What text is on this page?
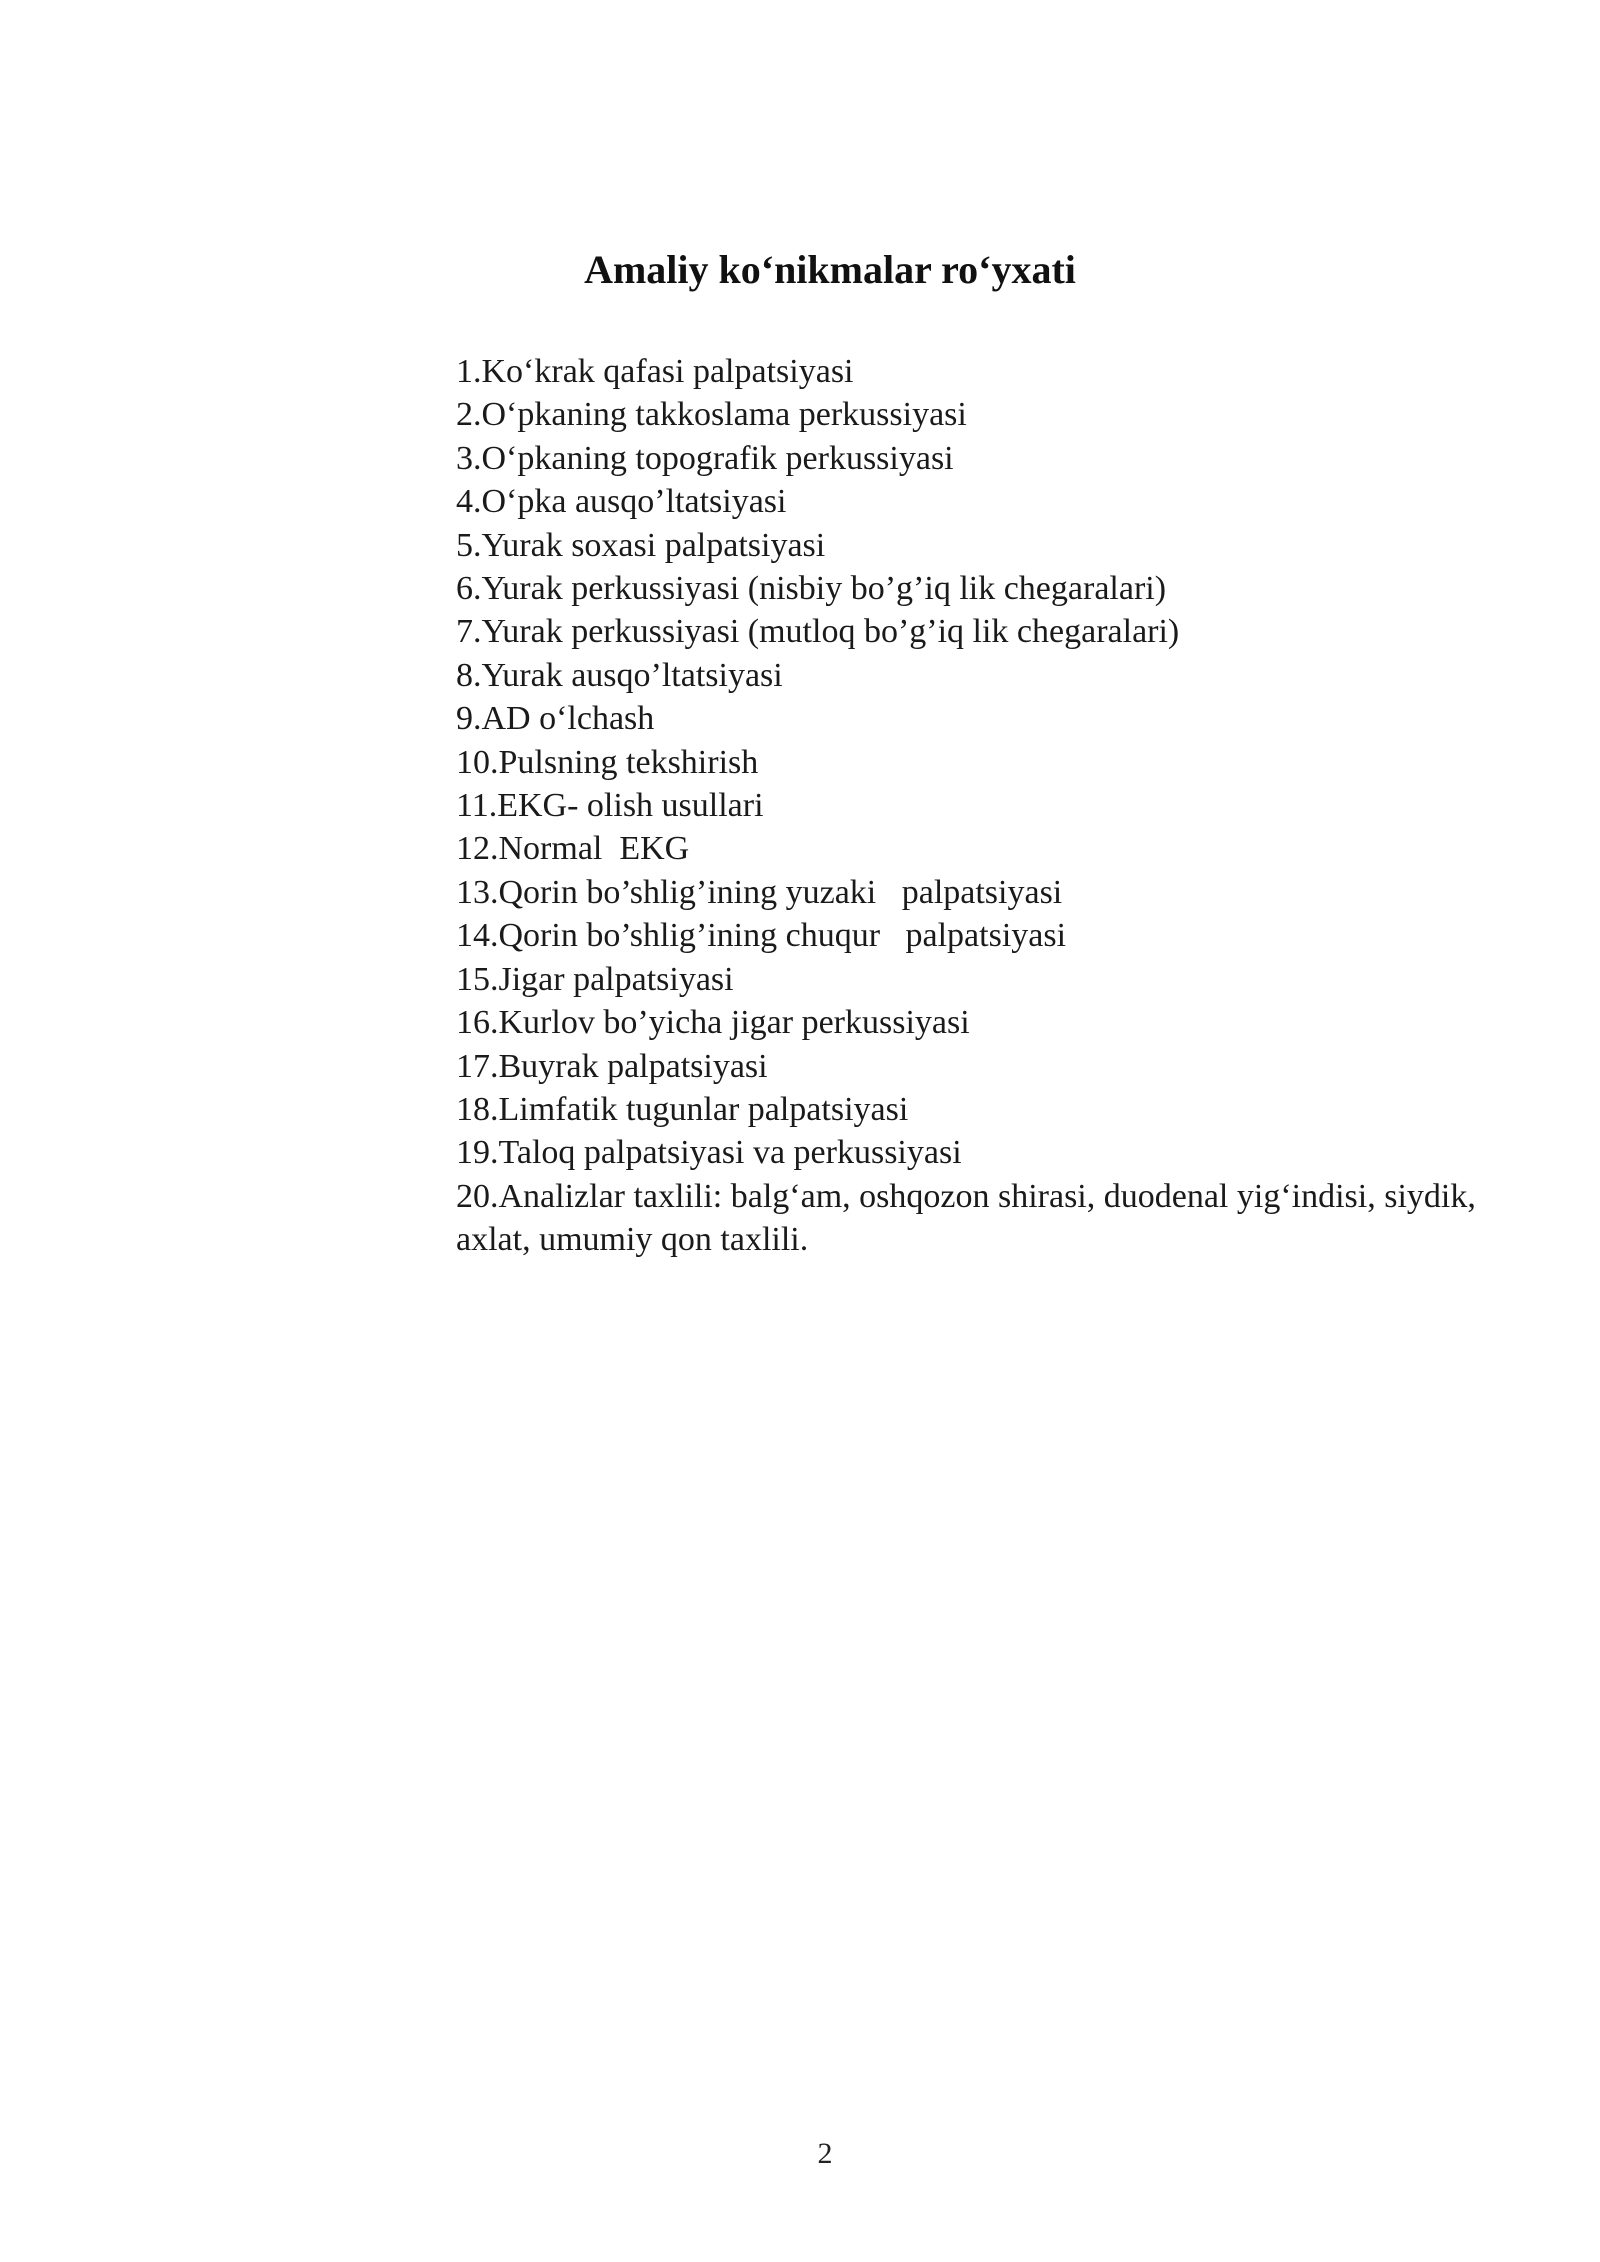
Amaliy ko‘nikmalar ro‘yxati
1.Ko‘krak qafasi palpatsiyasi
2.O‘pkaning takkoslama perkussiyasi
3.O‘pkaning topografik perkussiyasi
4.O‘pka ausqo’ltatsiyasi
5.Yurak soxasi palpatsiyasi
6.Yurak perkussiyasi (nisbiy bo’g’iq lik chegaralari)
7.Yurak perkussiyasi (mutloq bo’g’iq lik chegaralari)
8.Yurak ausqo’ltatsiyasi
9.AD o‘lchash
10.Pulsning tekshirish
11.EKG- olish usullari
12.Normal  EKG
13.Qorin bo’shlig’ining yuzaki   palpatsiyasi
14.Qorin bo’shlig’ining chuqur   palpatsiyasi
15.Jigar palpatsiyasi
16.Kurlov bo’yicha jigar perkussiyasi
17.Buyrak palpatsiyasi
18.Limfatik tugunlar palpatsiyasi
19.Taloq palpatsiyasi va perkussiyasi
20.Analizlar taxlili: balg‘am, oshqozon shirasi, duodenal yig‘indisi, siydik, axlat, umumiy qon taxlili.
2
